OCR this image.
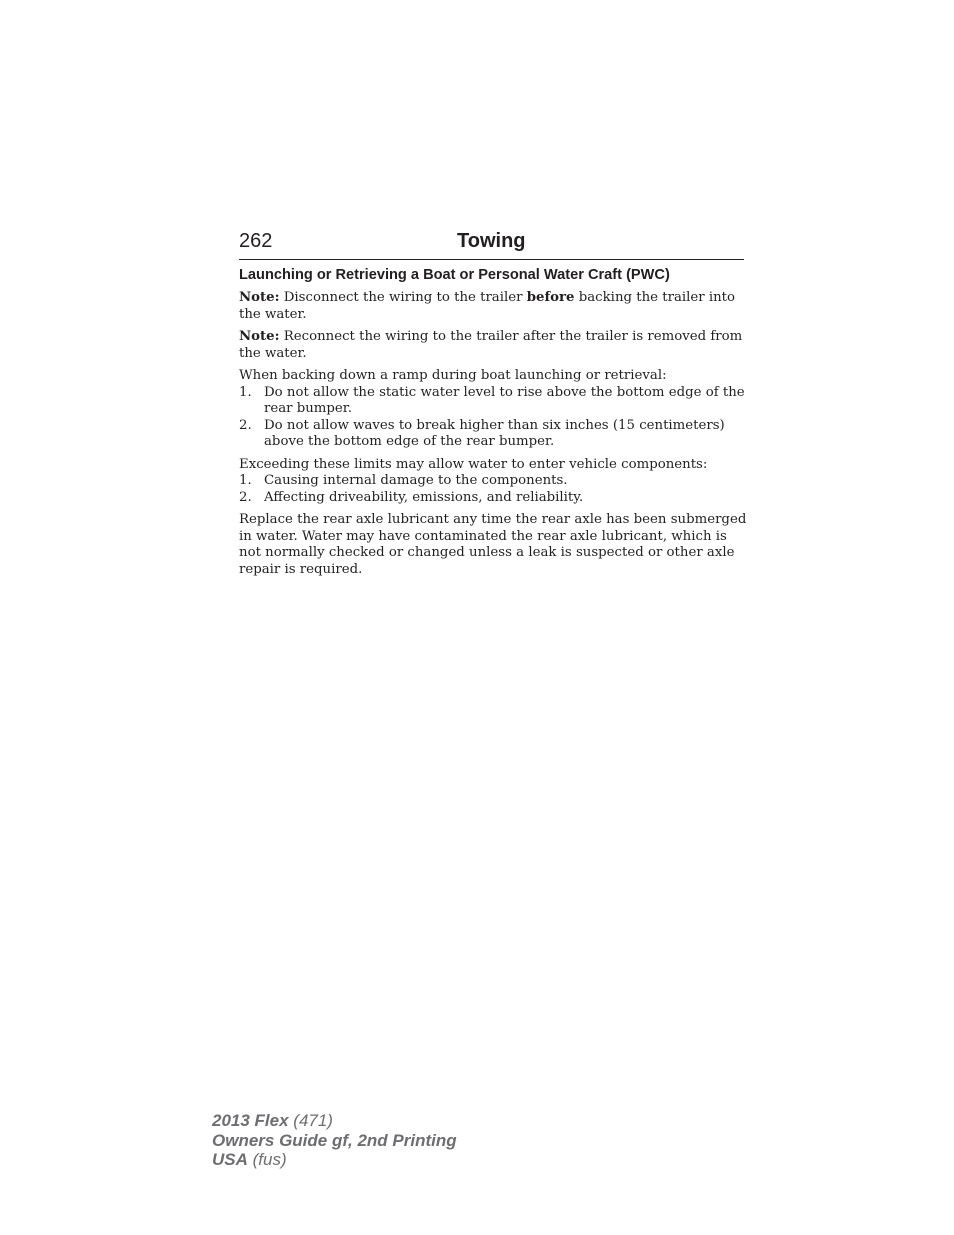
262	Towing
Launching or Retrieving a Boat or Personal Water Craft (PWC)

Note: Disconnect the wiring to the trailer before backing the trailer into the water.

Note: Reconnect the wiring to the trailer after the trailer is removed from the water.

When backing down a ramp during boat launching or retrieval:
1. Do not allow the static water level to rise above the bottom edge of the rear bumper.
2. Do not allow waves to break higher than six inches (15 centimeters) above the bottom edge of the rear bumper.
Exceeding these limits may allow water to enter vehicle components:
1. Causing internal damage to the components.
2. Affecting driveability, emissions, and reliability.

Replace the rear axle lubricant any time the rear axle has been submerged in water. Water may have contaminated the rear axle lubricant, which is not normally checked or changed unless a leak is suspected or other axle repair is required.

2013 Flex (471)
Owners Guide gf, 2nd Printing
USA (fus)
